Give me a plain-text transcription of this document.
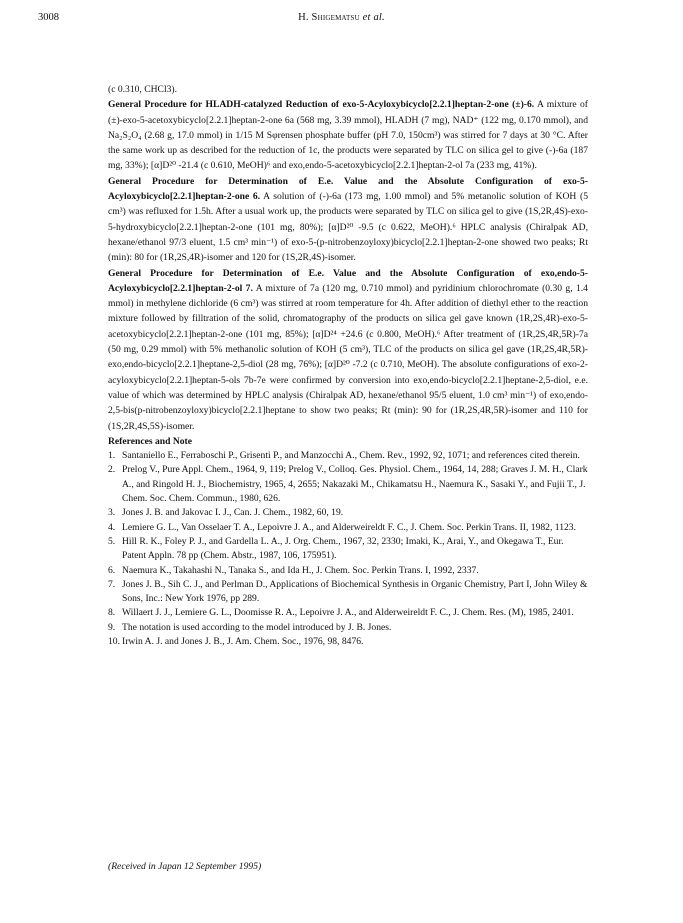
3008	H. Shigematsu et al.

(c 0.310, CHCl3).

General Procedure for HLADH-catalyzed Reduction of exo-5-Acyloxybicyclo[2.2.1]heptan-2-one (±)-6. A mixture of (±)-exo-5-acetoxybicyclo[2.2.1]heptan-2-one 6a (568 mg, 3.39 mmol), HLADH (7 mg), NAD⁺ (122 mg, 0.170 mmol), and Na₂S₂O₄ (2.68 g, 17.0 mmol) in 1/15 M Sφrensen phosphate buffer (pH 7.0, 150cm³) was stirred for 7 days at 30 °C. After the same work up as described for the reduction of 1c, the products were separated by TLC on silica gel to give (-)-6a (187 mg, 33%); [α]D²⁰ -21.4 (c 0.610, MeOH)⁶ and exo,endo-5-acetoxybicyclo[2.2.1]heptan-2-ol 7a (233 mg, 41%).

General Procedure for Determination of E.e. Value and the Absolute Configuration of exo-5-Acyloxybicyclo[2.2.1]heptan-2-one 6. A solution of (-)-6a (173 mg, 1.00 mmol) and 5% metanolic solution of KOH (5 cm³) was refluxed for 1.5h. After a usual work up, the products were separated by TLC on silica gel to give (1S,2R,4S)-exo-5-hydroxybicyclo[2.2.1]heptan-2-one (101 mg, 80%); [α]D²⁰ -9.5 (c 0.622, MeOH).⁶ HPLC analysis (Chiralpak AD, hexane/ethanol 97/3 eluent, 1.5 cm³ min⁻¹) of exo-5-(p-nitrobenzoyloxy)bicyclo[2.2.1]heptan-2-one showed two peaks; Rt (min): 80 for (1R,2S,4R)-isomer and 120 for (1S,2R,4S)-isomer.

General Procedure for Determination of E.e. Value and the Absolute Configuration of exo,endo-5-Acyloxybicyclo[2.2.1]heptan-2-ol 7. A mixture of 7a (120 mg, 0.710 mmol) and pyridinium chlorochromate (0.30 g, 1.4 mmol) in methylene dichloride (6 cm³) was stirred at room temperature for 4h. After addition of diethyl ether to the reaction mixture followed by filltration of the solid, chromatography of the products on silica gel gave known (1R,2S,4R)-exo-5-acetoxybicyclo[2.2.1]heptan-2-one (101 mg, 85%); [α]D²⁴ +24.6 (c 0.800, MeOH).⁶ After treatment of (1R,2S,4R,5R)-7a (50 mg, 0.29 mmol) with 5% methanolic solution of KOH (5 cm³), TLC of the products on silica gel gave (1R,2S,4R,5R)-exo,endo-bicyclo[2.2.1]heptane-2,5-diol (28 mg, 76%); [α]D²⁰ -7.2 (c 0.710, MeOH). The absolute configurations of exo-2-acyloxybicyclo[2.2.1]heptan-5-ols 7b-7e were confirmed by conversion into exo,endo-bicyclo[2.2.1]heptane-2,5-diol, e.e. value of which was determined by HPLC analysis (Chiralpak AD, hexane/ethanol 95/5 eluent, 1.0 cm³ min⁻¹) of exo,endo-2,5-bis(p-nitrobenzoyloxy)bicyclo[2.2.1]heptane to show two peaks; Rt (min): 90 for (1R,2S,4R,5R)-isomer and 110 for (1S,2R,4S,5S)-isomer.

References and Note

1. Santaniello E., Ferraboschi P., Grisenti P., and Manzocchi A., Chem. Rev., 1992, 92, 1071; and references cited therein.
2. Prelog V., Pure Appl. Chem., 1964, 9, 119; Prelog V., Colloq. Ges. Physiol. Chem., 1964, 14, 288; Graves J. M. H., Clark A., and Ringold H. J., Biochemistry, 1965, 4, 2655; Nakazaki M., Chikamatsu H., Naemura K., Sasaki Y., and Fujii T., J. Chem. Soc. Chem. Commun., 1980, 626.
3. Jones J. B. and Jakovac I. J., Can. J. Chem., 1982, 60, 19.
4. Lemiere G. L., Van Osselaer T. A., Lepoivre J. A., and Alderweireldt F. C., J. Chem. Soc. Perkin Trans. II, 1982, 1123.
5. Hill R. K., Foley P. J., and Gardella L. A., J. Org. Chem., 1967, 32, 2330; Imaki, K., Arai, Y., and Okegawa T., Eur. Patent Appln. 78 pp (Chem. Abstr., 1987, 106, 175951).
6. Naemura K., Takahashi N., Tanaka S., and Ida H., J. Chem. Soc. Perkin Trans. I, 1992, 2337.
7. Jones J. B., Sih C. J., and Perlman D., Applications of Biochemical Synthesis in Organic Chemistry, Part I, John Wiley & Sons, Inc.: New York 1976, pp 289.
8. Willaert J. J., Lemiere G. L., Doomisse R. A., Lepoivre J. A., and Alderweireldt F. C., J. Chem. Res. (M), 1985, 2401.
9. The notation is used according to the model introduced by J. B. Jones.
10. Irwin A. J. and Jones J. B., J. Am. Chem. Soc., 1976, 98, 8476.
(Received in Japan 12 September 1995)
